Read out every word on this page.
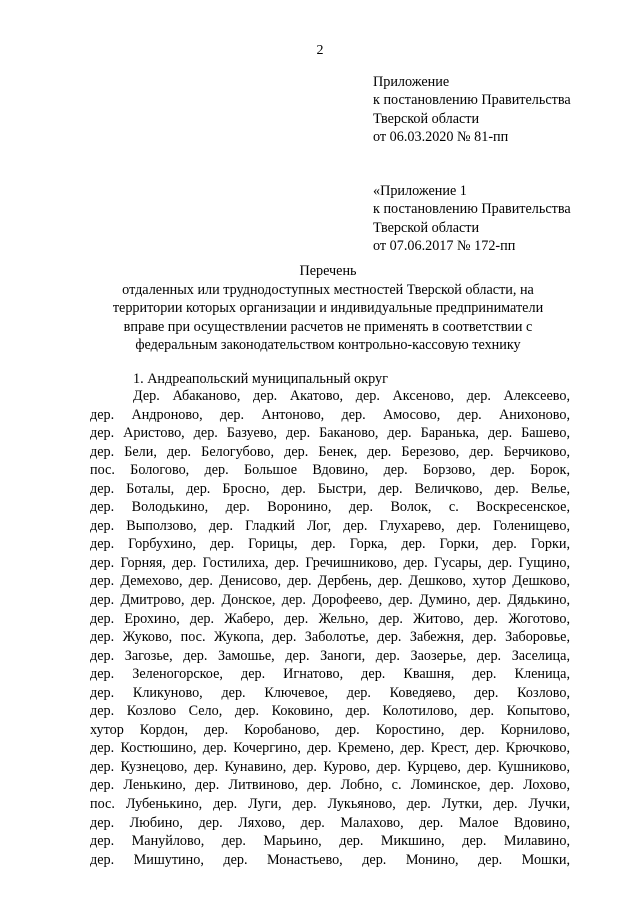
2
Приложение
к постановлению Правительства
Тверской области
от 06.03.2020 № 81-пп
«Приложение 1
к постановлению Правительства
Тверской области
от 07.06.2017 № 172-пп
Перечень
отдаленных или труднодоступных местностей Тверской области, на
территории которых организации и индивидуальные предприниматели
вправе при осуществлении расчетов не применять в соответствии с
федеральным законодательством контрольно-кассовую технику
1. Андреапольский муниципальный округ
Дер. Абаканово, дер. Акатово, дер. Аксеново, дер. Алексеево,
дер. Андроново, дер. Антоново, дер. Амосово, дер. Анихоново,
дер. Аристово, дер. Базуево, дер. Баканово, дер. Баранька, дер. Башево,
дер. Бели, дер. Белогубово, дер. Бенек, дер. Березово, дер. Берчиково,
пос. Бологово, дер. Большое Вдовино, дер. Борзово, дер. Борок,
дер. Боталы, дер. Бросно, дер. Быстри, дер. Величково, дер. Велье,
дер. Володькино, дер. Воронино, дер. Волок, с. Воскресенское,
дер. Выползово, дер. Гладкий Лог, дер. Глухарево, дер. Голенищево,
дер. Горбухино, дер. Горицы, дер. Горка, дер. Горки, дер. Горки,
дер. Горняя, дер. Гостилиха, дер. Гречишниково, дер. Гусары, дер. Гущино,
дер. Демехово, дер. Денисово, дер. Дербень, дер. Дешково, хутор Дешково,
дер. Дмитрово, дер. Донское, дер. Дорофеево, дер. Думино, дер. Дядькино,
дер. Ерохино, дер. Жаберо, дер. Жельно, дер. Житово, дер. Жоготово,
дер. Жуково, пос. Жукопа, дер. Заболотье, дер. Забежня, дер. Заборовье,
дер. Загозье, дер. Замошье, дер. Заноги, дер. Заозерье, дер. Заселица,
дер. Зеленогорское, дер. Игнатово, дер. Квашня, дер. Кленица,
дер. Кликуново, дер. Ключевое, дер. Коведяево, дер. Козлово,
дер. Козлово Село, дер. Коковино, дер. Колотилово, дер. Копытово,
хутор Кордон, дер. Коробаново, дер. Коростино, дер. Корнилово,
дер. Костюшино, дер. Кочергино, дер. Кремено, дер. Крест, дер. Крючково,
дер. Кузнецово, дер. Кунавино, дер. Курово, дер. Курцево, дер. Кушниково,
дер. Ленькино, дер. Литвиново, дер. Лобно, с. Ломинское, дер. Лохово,
пос. Лубенькино, дер. Луги, дер. Лукьяново, дер. Лутки, дер. Лучки,
дер. Любино, дер. Ляхово, дер. Малахово, дер. Малое Вдовино,
дер. Мануйлово, дер. Марьино, дер. Микшино, дер. Милавино,
дер. Мишутино, дер. Монастьево, дер. Монино, дер. Мошки,
